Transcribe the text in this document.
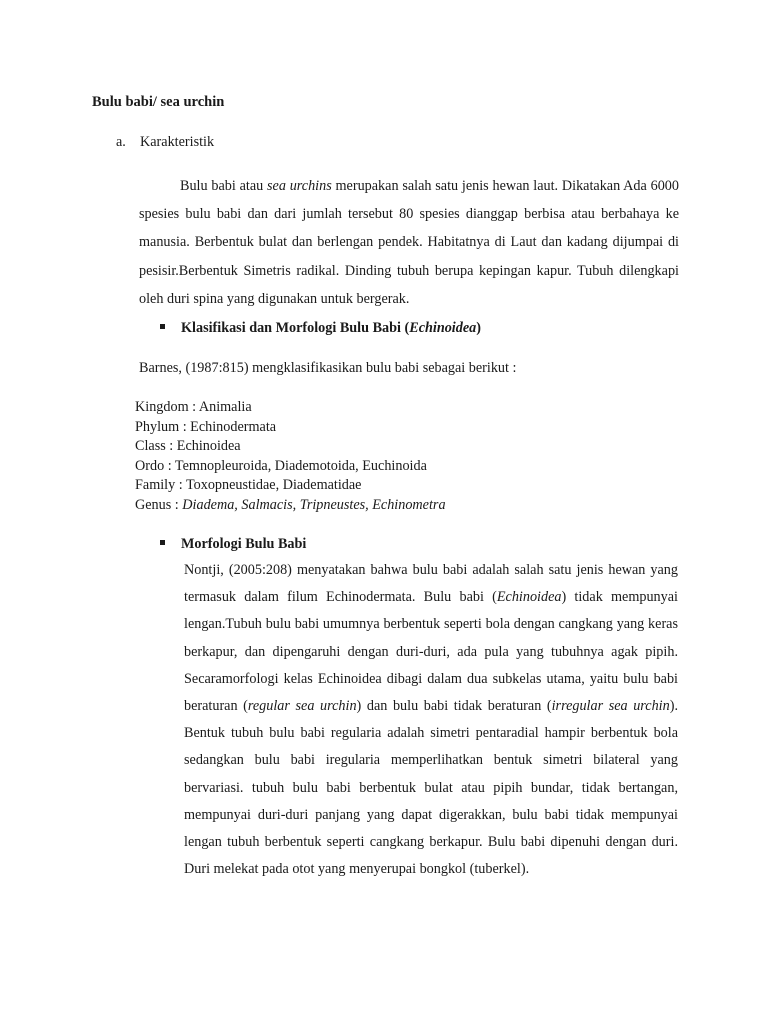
Bulu babi/ sea urchin
a. Karakteristik
Bulu babi atau sea urchins merupakan salah satu jenis hewan laut. Dikatakan Ada 6000 spesies bulu babi dan dari jumlah tersebut 80 spesies dianggap berbisa atau berbahaya ke manusia. Berbentuk bulat dan berlengan pendek. Habitatnya di Laut dan kadang dijumpai di pesisir.Berbentuk Simetris radikal. Dinding tubuh berupa kepingan kapur. Tubuh dilengkapi oleh duri spina yang digunakan untuk bergerak.
Klasifikasi dan Morfologi Bulu Babi (Echinoidea)
Barnes, (1987:815) mengklasifikasikan bulu babi sebagai berikut :
Kingdom : Animalia
Phylum : Echinodermata
Class : Echinoidea
Ordo : Temnopleuroida, Diademotoida, Euchinoida
Family : Toxopneustidae, Diadematidae
Genus : Diadema, Salmacis, Tripneustes, Echinometra
Morfologi Bulu Babi
Nontji, (2005:208) menyatakan bahwa bulu babi adalah salah satu jenis hewan yang termasuk dalam filum Echinodermata. Bulu babi (Echinoidea) tidak mempunyai lengan.Tubuh bulu babi umumnya berbentuk seperti bola dengan cangkang yang keras berkapur, dan dipengaruhi dengan duri-duri, ada pula yang tubuhnya agak pipih. Secaramorfologi kelas Echinoidea dibagi dalam dua subkelas utama, yaitu bulu babi beraturan (regular sea urchin) dan bulu babi tidak beraturan (irregular sea urchin). Bentuk tubuh bulu babi regularia adalah simetri pentaradial hampir berbentuk bola sedangkan bulu babi iregularia memperlihatkan bentuk simetri bilateral yang bervariasi. tubuh bulu babi berbentuk bulat atau pipih bundar, tidak bertangan, mempunyai duri-duri panjang yang dapat digerakkan, bulu babi tidak mempunyai lengan tubuh berbentuk seperti cangkang berkapur. Bulu babi dipenuhi dengan duri. Duri melekat pada otot yang menyerupai bongkol (tuberkel).
